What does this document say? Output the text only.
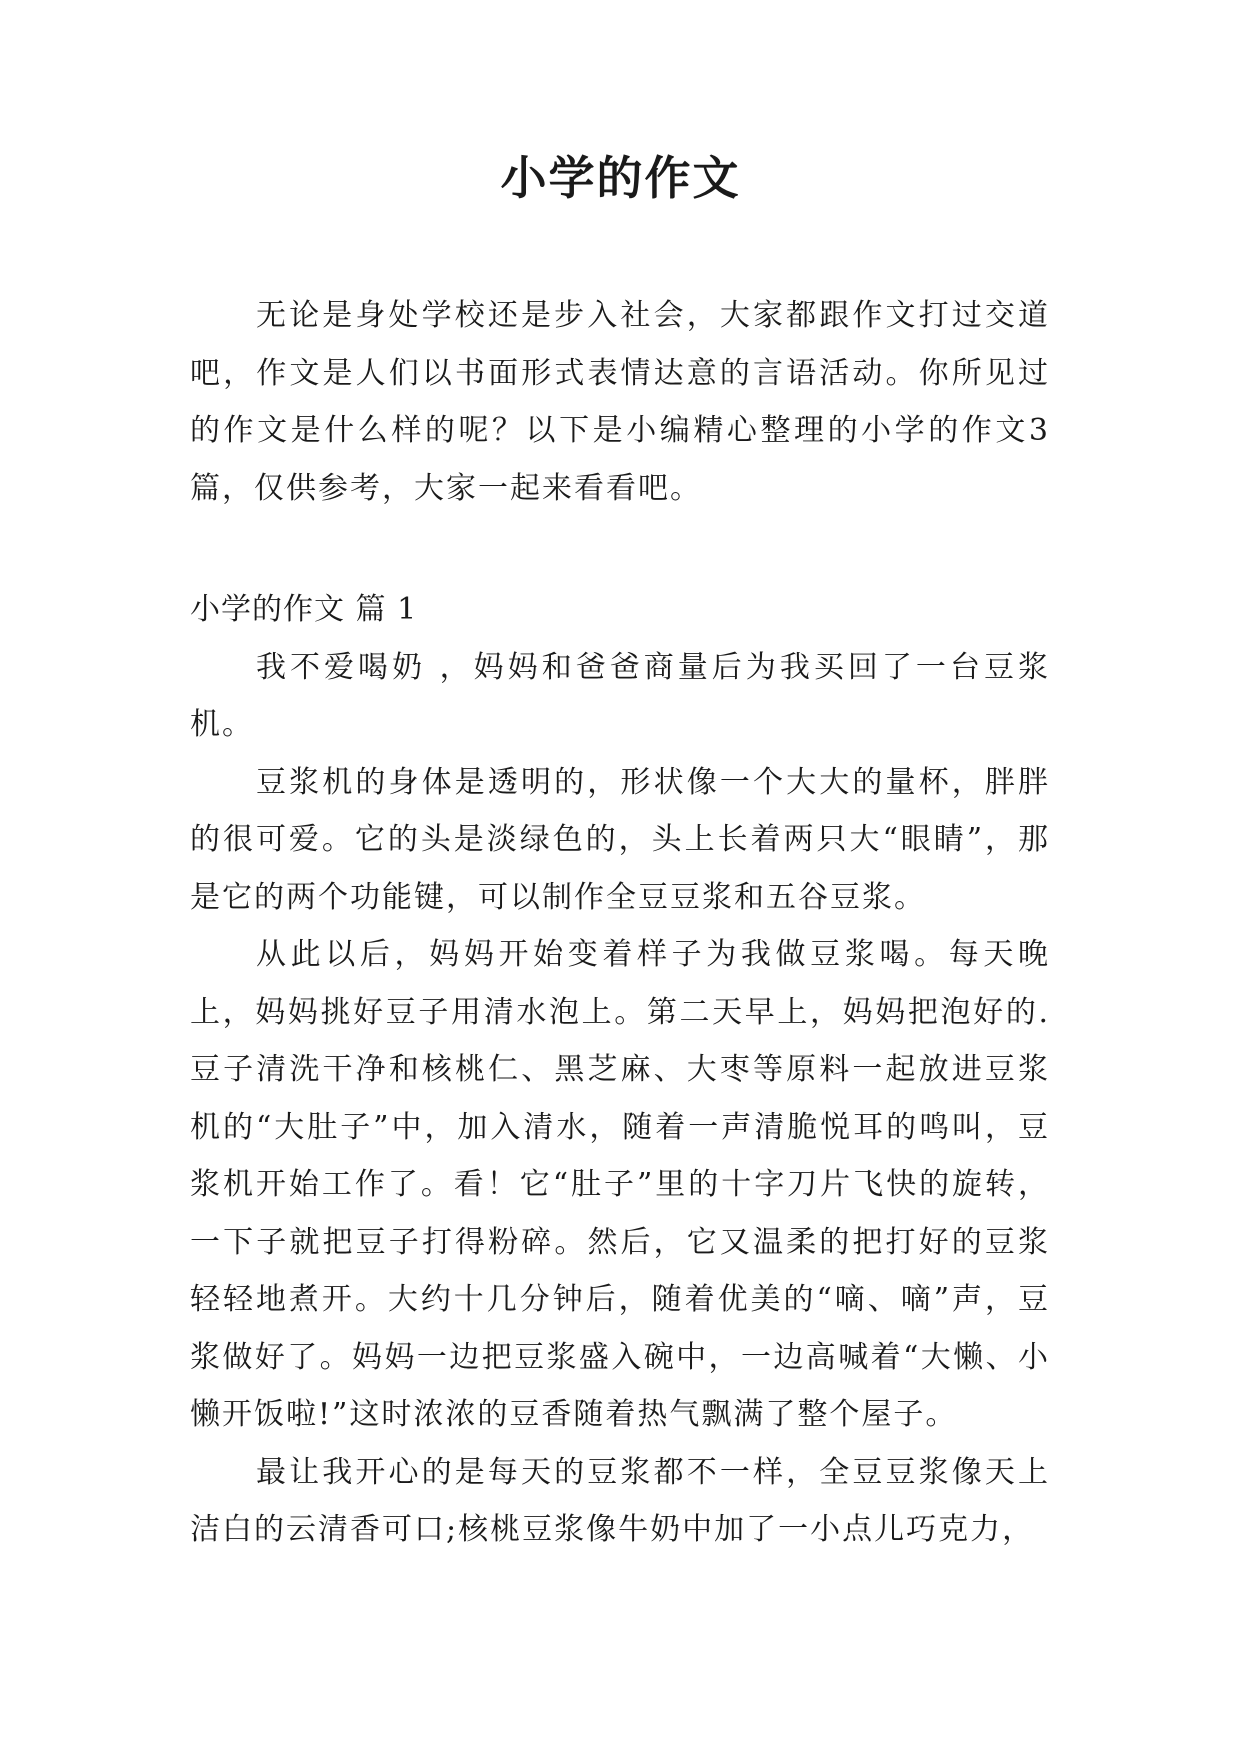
小学的作文

无论是身处学校还是步入社会，大家都跟作文打过交道吧，作文是人们以书面形式表情达意的言语活动。你所见过的作文是什么样的呢？以下是小编精心整理的小学的作文3篇，仅供参考，大家一起来看看吧。

小学的作文 篇 1

我不爱喝奶 ，妈妈和爸爸商量后为我买回了一台豆浆机。

豆浆机的身体是透明的，形状像一个大大的量杯，胖胖的很可爱。它的头是淡绿色的，头上长着两只大“眼睛”，那是它的两个功能键，可以制作全豆豆浆和五谷豆浆。

从此以后，妈妈开始变着样子为我做豆浆喝。每天晚上，妈妈挑好豆子用清水泡上。第二天早上，妈妈把泡好的.豆子清洗干净和核桃仁、黑芝麻、大枣等原料一起放进豆浆机的“大肚子”中，加入清水，随着一声清脆悦耳的鸣叫，豆浆机开始工作了。看！它“肚子”里的十字刀片飞快的旋转，一下子就把豆子打得粉碎。然后，它又温柔的把打好的豆浆轻轻地煮开。大约十几分钟后，随着优美的“嘀、嘀”声，豆浆做好了。妈妈一边把豆浆盛入碗中，一边高喊着“大懒、小懒开饭啦!”这时浓浓的豆香随着热气飘满了整个屋子。

最让我开心的是每天的豆浆都不一样，全豆豆浆像天上洁白的云清香可口;核桃豆浆像牛奶中加了一小点儿巧克力，
